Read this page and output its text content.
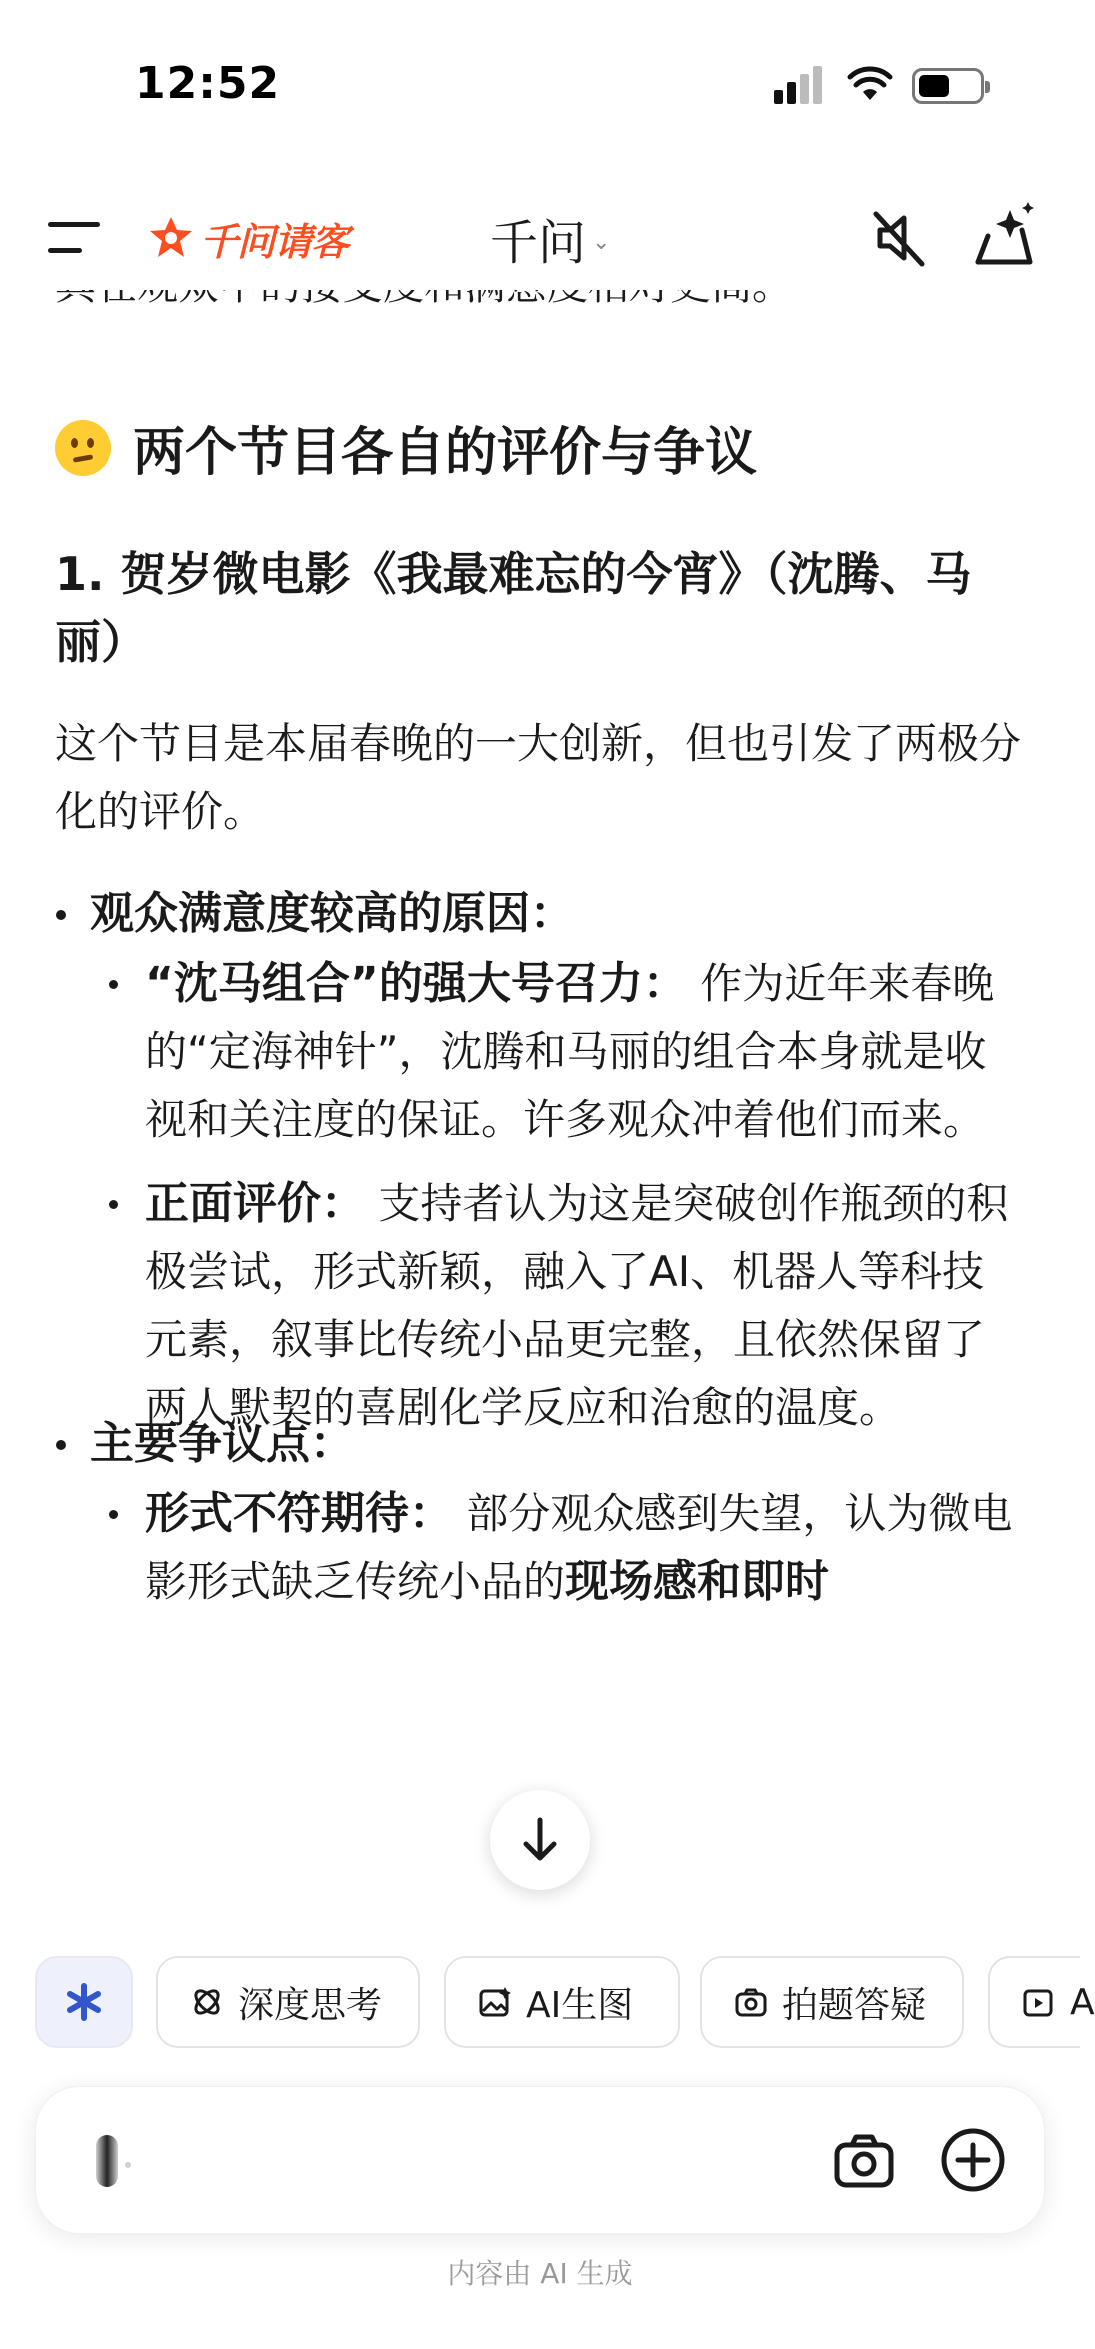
12:52
千问请客	千问 ⌄
两个节目各自的评价与争议
1. 贺岁微电影《我最难忘的今宵》（沈腾、马丽）
这个节目是本届春晚的一大创新，但也引发了两极分化的评价。
观众满意度较高的原因：
“沈马组合”的强大号召力： 作为近年来春晚的“定海神针”，沈腾和马丽的组合本身就是收视和关注度的保证。许多观众冲着他们而来。
正面评价： 支持者认为这是突破创作瓶颈的积极尝试，形式新颖，融入了AI、机器人等科技元素，叙事比传统小品更完整，且依然保留了两人默契的喜剧化学反应和治愈的温度。
主要争议点：
形式不符期待： 部分观众感到失望，认为微电影形式缺乏传统小品的现场感和即时
深度思考	AI生图	拍题答疑	A
内容由 AI 生成
